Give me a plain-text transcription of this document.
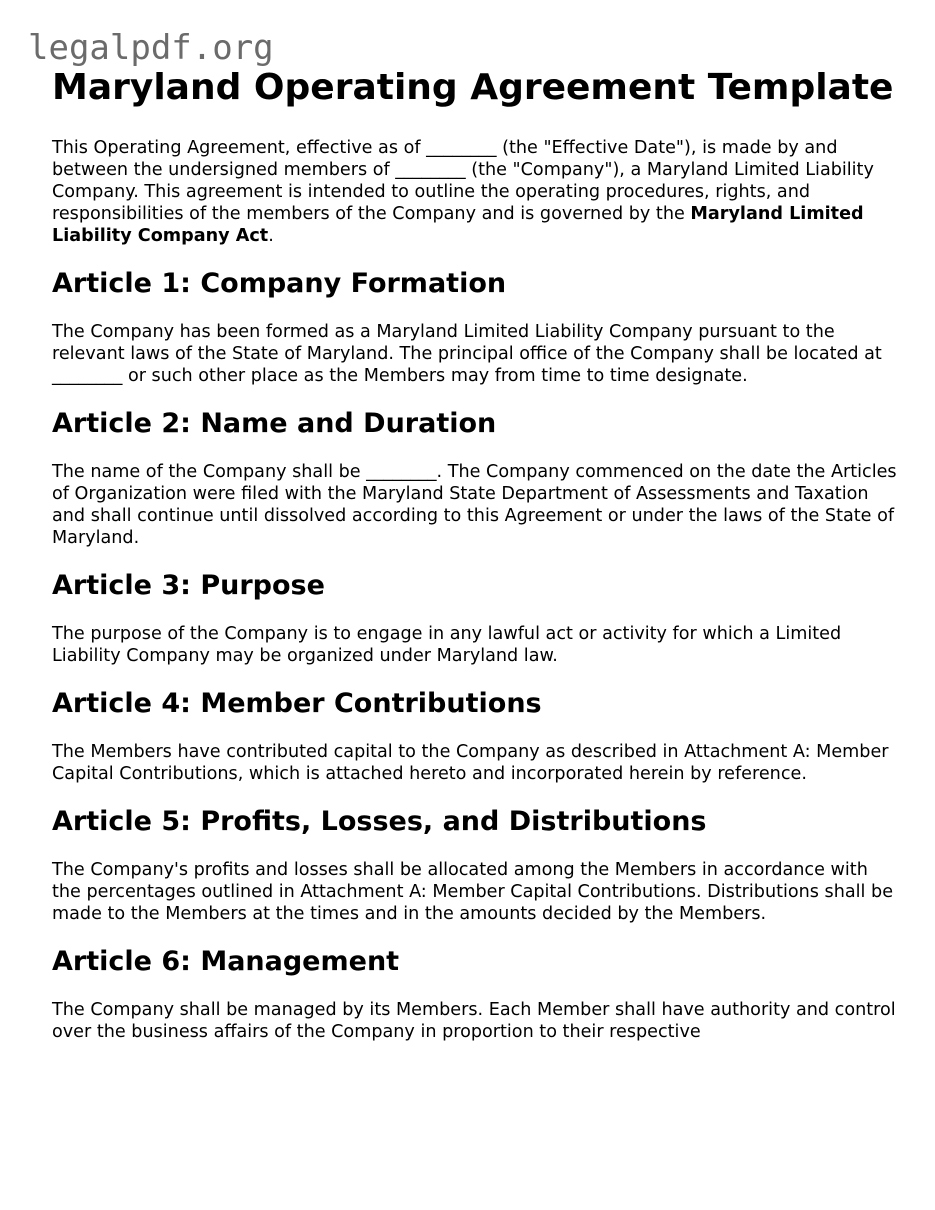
legalpdf.org
Maryland Operating Agreement Template

This Operating Agreement, effective as of ________ (the "Effective Date"), is made by and between the undersigned members of ________ (the "Company"), a Maryland Limited Liability Company. This agreement is intended to outline the operating procedures, rights, and responsibilities of the members of the Company and is governed by the Maryland Limited Liability Company Act.

Article 1: Company Formation

The Company has been formed as a Maryland Limited Liability Company pursuant to the relevant laws of the State of Maryland. The principal office of the Company shall be located at ________ or such other place as the Members may from time to time designate.

Article 2: Name and Duration

The name of the Company shall be ________. The Company commenced on the date the Articles of Organization were filed with the Maryland State Department of Assessments and Taxation and shall continue until dissolved according to this Agreement or under the laws of the State of Maryland.

Article 3: Purpose

The purpose of the Company is to engage in any lawful act or activity for which a Limited Liability Company may be organized under Maryland law.

Article 4: Member Contributions

The Members have contributed capital to the Company as described in Attachment A: Member Capital Contributions, which is attached hereto and incorporated herein by reference.

Article 5: Profits, Losses, and Distributions

The Company's profits and losses shall be allocated among the Members in accordance with the percentages outlined in Attachment A: Member Capital Contributions. Distributions shall be made to the Members at the times and in the amounts decided by the Members.

Article 6: Management

The Company shall be managed by its Members. Each Member shall have authority and control over the business affairs of the Company in proportion to their respective
